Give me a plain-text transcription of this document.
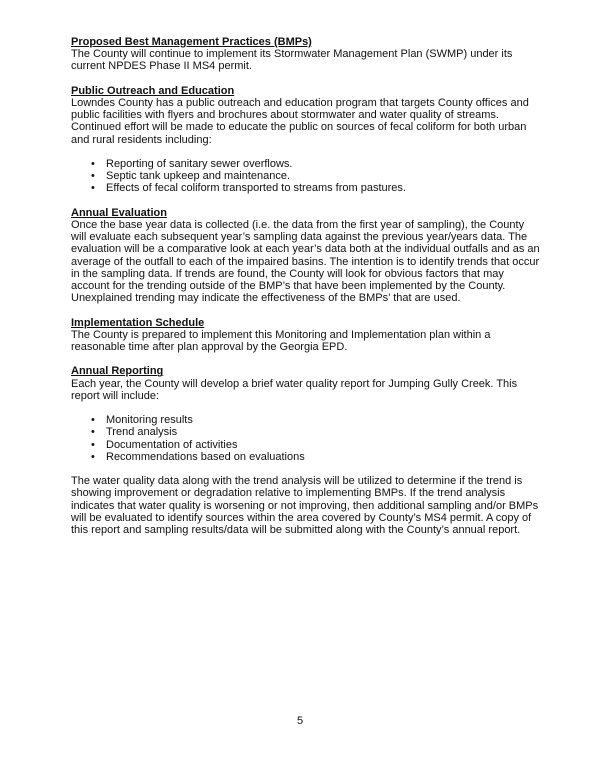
Proposed Best Management Practices (BMPs)

The County will continue to implement its Stormwater Management Plan (SWMP) under its current NPDES Phase II MS4 permit.

Public Outreach and Education

Lowndes County has a public outreach and education program that targets County offices and public facilities with flyers and brochures about stormwater and water quality of streams. Continued effort will be made to educate the public on sources of fecal coliform for both urban and rural residents including:

• Reporting of sanitary sewer overflows.
• Septic tank upkeep and maintenance.
• Effects of fecal coliform transported to streams from pastures.

Annual Evaluation

Once the base year data is collected (i.e. the data from the first year of sampling), the County will evaluate each subsequent year’s sampling data against the previous year/years data. The evaluation will be a comparative look at each year’s data both at the individual outfalls and as an average of the outfall to each of the impaired basins. The intention is to identify trends that occur in the sampling data. If trends are found, the County will look for obvious factors that may account for the trending outside of the BMP’s that have been implemented by the County. Unexplained trending may indicate the effectiveness of the BMPs’ that are used.

Implementation Schedule

The County is prepared to implement this Monitoring and Implementation plan within a reasonable time after plan approval by the Georgia EPD.

Annual Reporting

Each year, the County will develop a brief water quality report for Jumping Gully Creek. This report will include:

• Monitoring results
• Trend analysis
• Documentation of activities
• Recommendations based on evaluations

The water quality data along with the trend analysis will be utilized to determine if the trend is showing improvement or degradation relative to implementing BMPs. If the trend analysis indicates that water quality is worsening or not improving, then additional sampling and/or BMPs will be evaluated to identify sources within the area covered by County’s MS4 permit. A copy of this report and sampling results/data will be submitted along with the County’s annual report.

5
